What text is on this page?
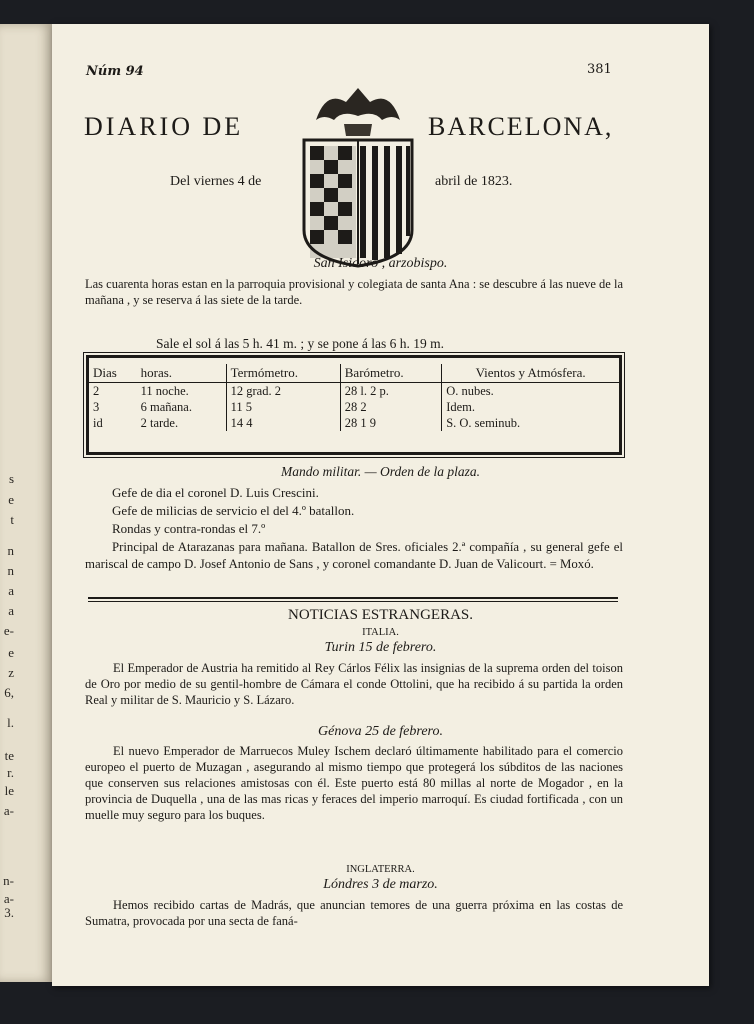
s
e
t
n
n
a
a
e-
e
z
6,
l.
te
r.
le
a-
n-
a-
3.
Núm 94	381
DIARIO DE	BARCELONA,
Del viernes 4 de	abril de 1823.
San Isidoro , arzobispo.
Las cuarenta horas estan en la parroquia provisional y colegiata de santa Ana : se descubre á las nueve de la mañana , y se reserva á las siete de la tarde.
Sale el sol á las 5 h. 41 m. ; y se pone á las 6 h. 19 m.
Dias	horas.	Termómetro.	Barómetro.	Vientos y Atmósfera.
2	11 noche.	12 grad. 2	28 l. 2 p.	O. nubes.
3	6 mañana.	11 5	28 2	Idem.
id	2 tarde.	14 4	28 1 9	S. O. seminub.
Mando militar. — Orden de la plaza.
Gefe de dia el coronel D. Luis Crescini.
Gefe de milicias de servicio el del 4.º batallon.
Rondas y contra-rondas el 7.º
Principal de Atarazanas para mañana. Batallon de Sres. oficiales 2.ª compañía , su general gefe el mariscal de campo D. Josef Antonio de Sans , y coronel comandante D. Juan de Valicourt. = Moxó.
NOTICIAS ESTRANGERAS.
ITALIA.
Turin 15 de febrero.
El Emperador de Austria ha remitido al Rey Cárlos Félix las insignias de la suprema orden del toison de Oro por medio de su gentil-hombre de Cámara el conde Ottolini, que ha recibido á su partida la orden Real y militar de S. Mauricio y S. Lázaro.
Génova 25 de febrero.
El nuevo Emperador de Marruecos Muley Ischem declaró últimamente habilitado para el comercio europeo el puerto de Muzagan , asegurando al mismo tiempo que protegerá los súbditos de las naciones que conserven sus relaciones amistosas con él. Este puerto está 80 millas al norte de Mogador , en la provincia de Duquella , una de las mas ricas y feraces del imperio marroquí. Es ciudad fortificada , con un muelle muy seguro para los buques.
INGLATERRA.
Lóndres 3 de marzo.
Hemos recibido cartas de Madrás, que anuncian temores de una guerra próxima en las costas de Sumatra, provocada por una secta de faná-
